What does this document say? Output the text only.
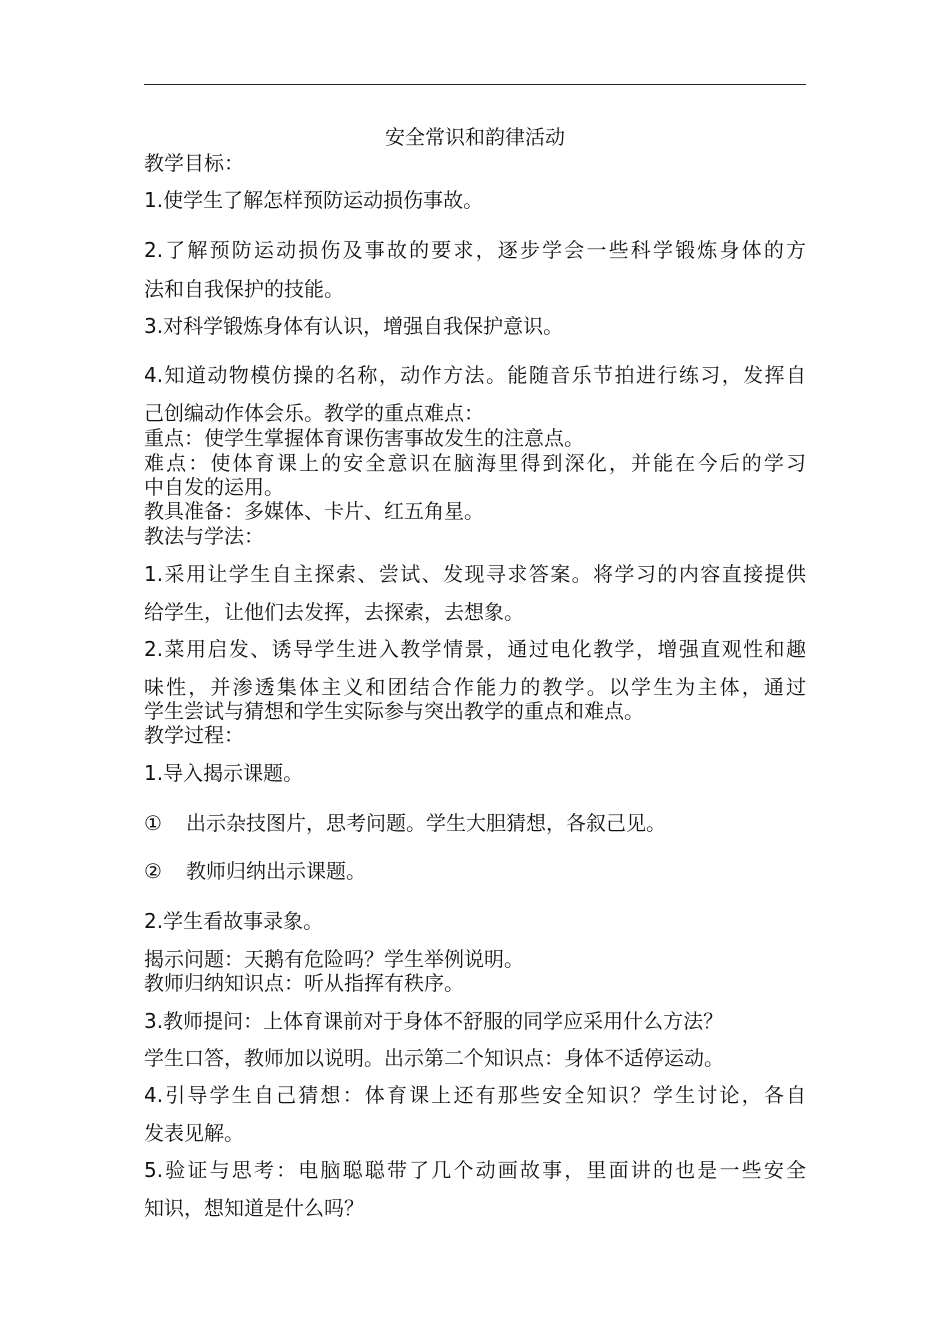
安全常识和韵律活动
教学目标：
1.使学生了解怎样预防运动损伤事故。
2.了解预防运动损伤及事故的要求，逐步学会一些科学锻炼身体的方
法和自我保护的技能。
3.对科学锻炼身体有认识，增强自我保护意识。
4.知道动物模仿操的名称，动作方法。能随音乐节拍进行练习，发挥自
己创编动作体会乐。教学的重点难点：
重点：使学生掌握体育课伤害事故发生的注意点。
难点：使体育课上的安全意识在脑海里得到深化，并能在今后的学习
中自发的运用。
教具准备：多媒体、卡片、红五角星。
教法与学法：
1.采用让学生自主探索、尝试、发现寻求答案。将学习的内容直接提供
给学生，让他们去发挥，去探索，去想象。
2.菜用启发、诱导学生进入教学情景，通过电化教学，增强直观性和趣
味性，并渗透集体主义和团结合作能力的教学。以学生为主体，通过
学生尝试与猜想和学生实际参与突出教学的重点和难点。
教学过程：
1.导入揭示课题。
① 出示杂技图片，思考问题。学生大胆猜想，各叙己见。
② 教师归纳出示课题。
2.学生看故事录象。
揭示问题：天鹅有危险吗？学生举例说明。
教师归纳知识点：听从指挥有秩序。
3.教师提问：上体育课前对于身体不舒服的同学应采用什么方法？
学生口答，教师加以说明。出示第二个知识点：身体不适停运动。
4.引导学生自己猜想：体育课上还有那些安全知识？学生讨论，各自
发表见解。
5.验证与思考：电脑聪聪带了几个动画故事，里面讲的也是一些安全
知识，想知道是什么吗？
